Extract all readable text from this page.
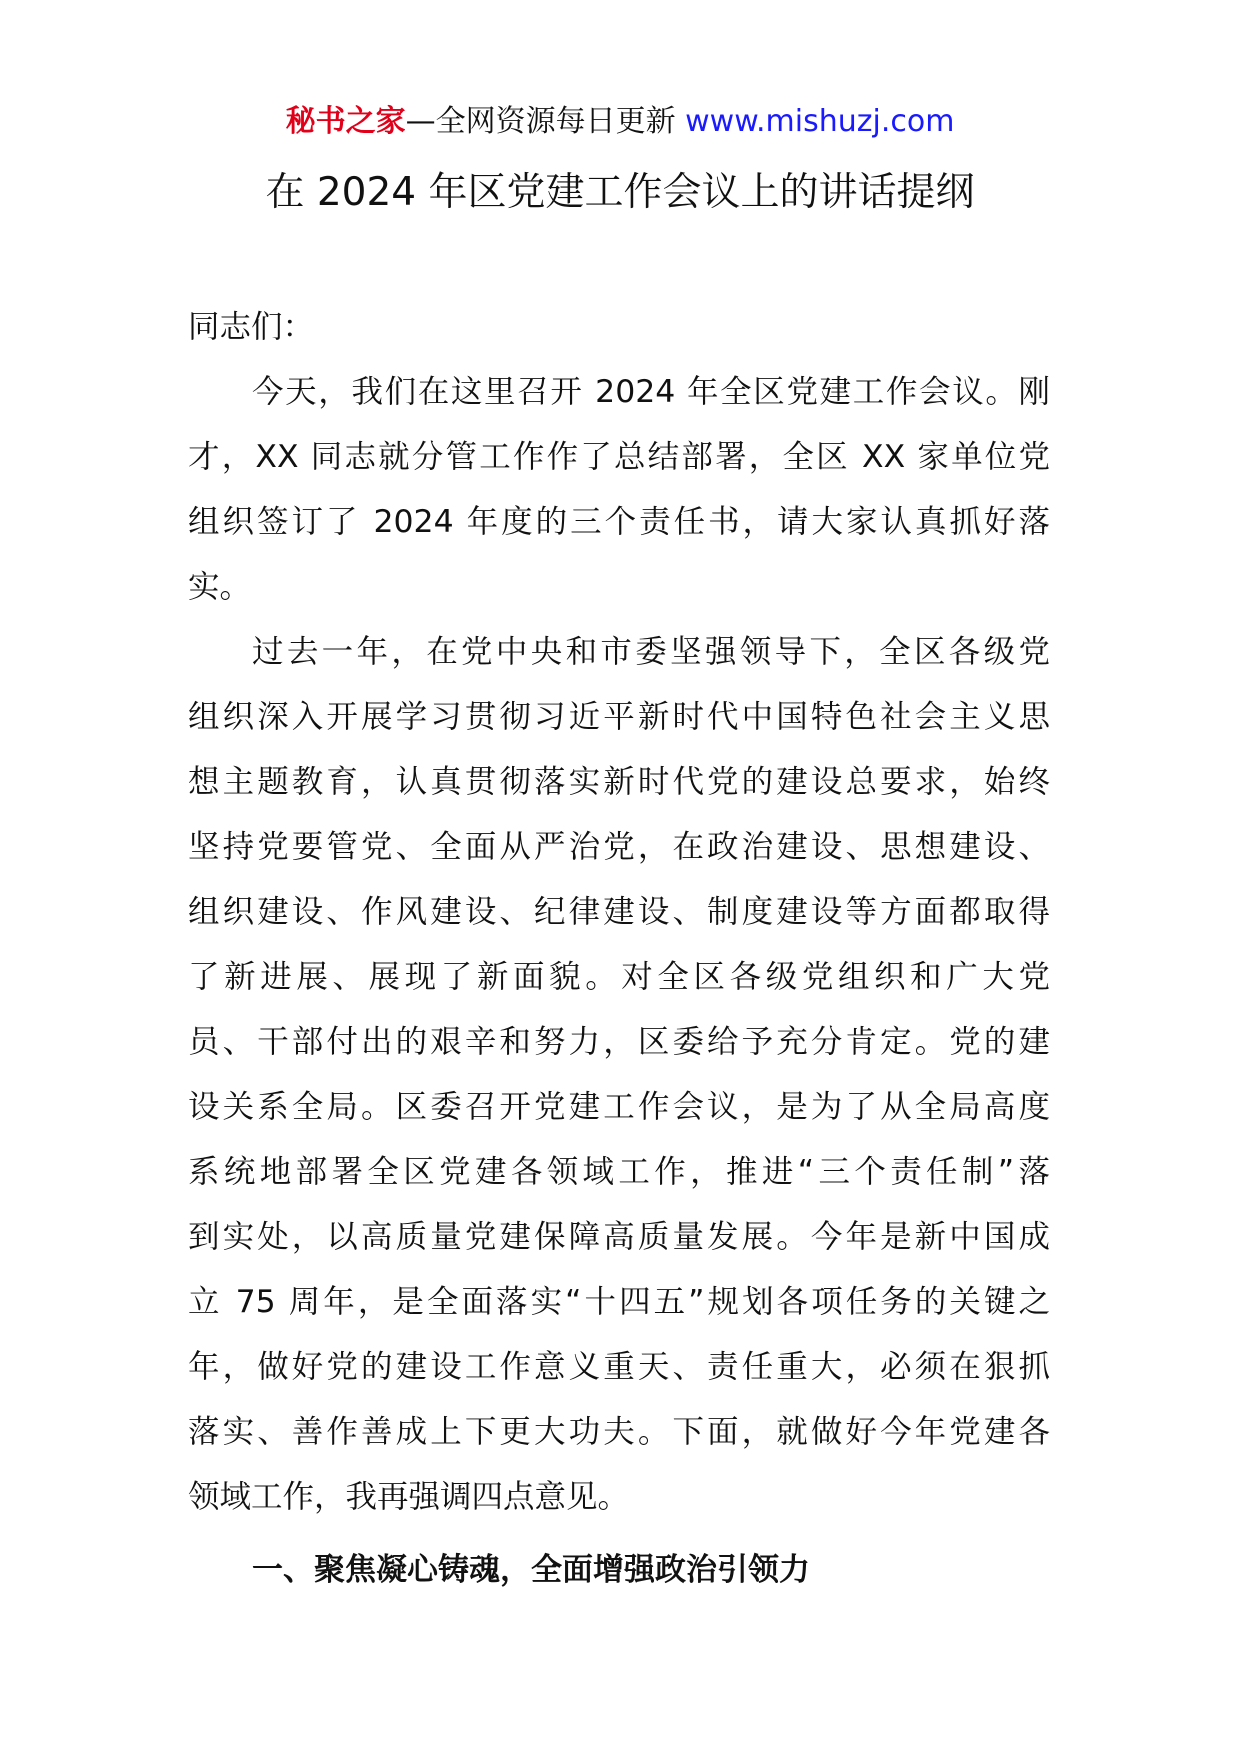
秘书之家—全网资源每日更新 www.mishuzj.com
在 2024 年区党建工作会议上的讲话提纲

同志们：

今天，我们在这里召开 2024 年全区党建工作会议。刚

才，XX 同志就分管工作作了总结部署，全区 XX 家单位党

组织签订了 2024 年度的三个责任书，请大家认真抓好落

实。

过去一年，在党中央和市委坚强领导下，全区各级党

组织深入开展学习贯彻习近平新时代中国特色社会主义思

想主题教育，认真贯彻落实新时代党的建设总要求，始终

坚持党要管党、全面从严治党，在政治建设、思想建设、

组织建设、作风建设、纪律建设、制度建设等方面都取得

了新进展、展现了新面貌。对全区各级党组织和广大党

员、干部付出的艰辛和努力，区委给予充分肯定。党的建

设关系全局。区委召开党建工作会议，是为了从全局高度

系统地部署全区党建各领域工作，推进“三个责任制”落

到实处，以高质量党建保障高质量发展。今年是新中国成

立 75 周年，是全面落实“十四五”规划各项任务的关键之

年，做好党的建设工作意义重天、责任重大，必须在狠抓

落实、善作善成上下更大功夫。下面，就做好今年党建各

领域工作，我再强调四点意见。

一、聚焦凝心铸魂，全面增强政治引领力
